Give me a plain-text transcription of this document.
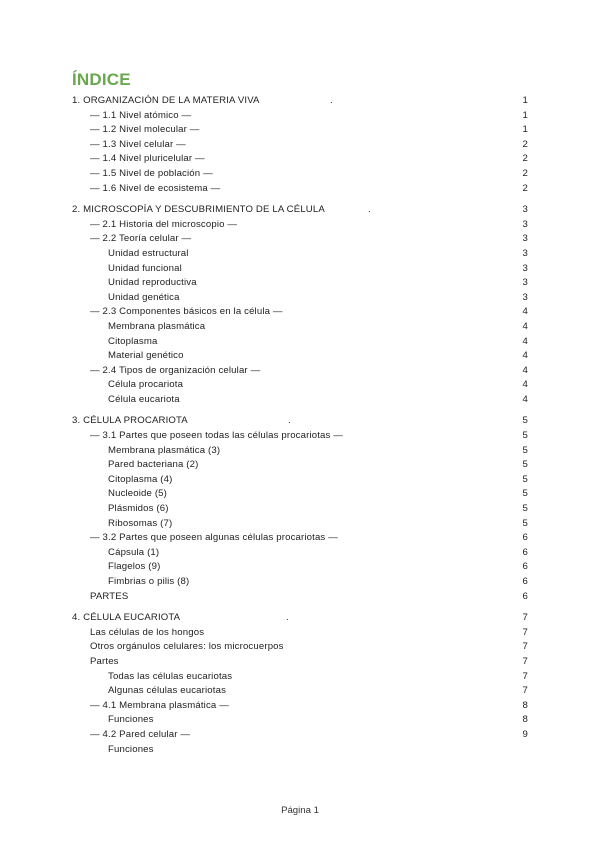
ÍNDICE
1. ORGANIZACIÓN DE LA MATERIA VIVA	.	1
— 1.1 Nivel atómico —	1
— 1.2 Nivel molecular —	1
— 1.3 Nivel celular —	2
— 1.4 Nivel pluricelular —	2
— 1.5 Nivel de población —	2
— 1.6 Nivel de ecosistema —	2
2. MICROSCOPÍA Y DESCUBRIMIENTO DE LA CÉLULA	.	3
— 2.1 Historia del microscopio —	3
— 2.2 Teoría celular —	3
Unidad estructural	3
Unidad funcional	3
Unidad reproductiva	3
Unidad genética	3
— 2.3 Componentes básicos en la célula —	4
Membrana plasmática	4
Citoplasma	4
Material genético	4
— 2.4 Tipos de organización celular —	4
Célula procariota	4
Célula eucariota	4
3. CÉLULA PROCARIOTA	.	5
— 3.1 Partes que poseen todas las células procariotas —	5
Membrana plasmática (3)	5
Pared bacteriana (2)	5
Citoplasma (4)	5
Nucleoide (5)	5
Plásmidos (6)	5
Ribosomas (7)	5
— 3.2 Partes que poseen algunas células procariotas —	6
Cápsula (1)	6
Flagelos (9)	6
Fimbrias o pilis (8)	6
PARTES	6
4. CÉLULA EUCARIOTA	.	7
Las células de los hongos	7
Otros orgánulos celulares: los microcuerpos	7
Partes	7
Todas las células eucariotas	7
Algunas células eucariotas	7
— 4.1 Membrana plasmática —	8
Funciones	8
— 4.2 Pared celular —	9
Funciones
Página 1
